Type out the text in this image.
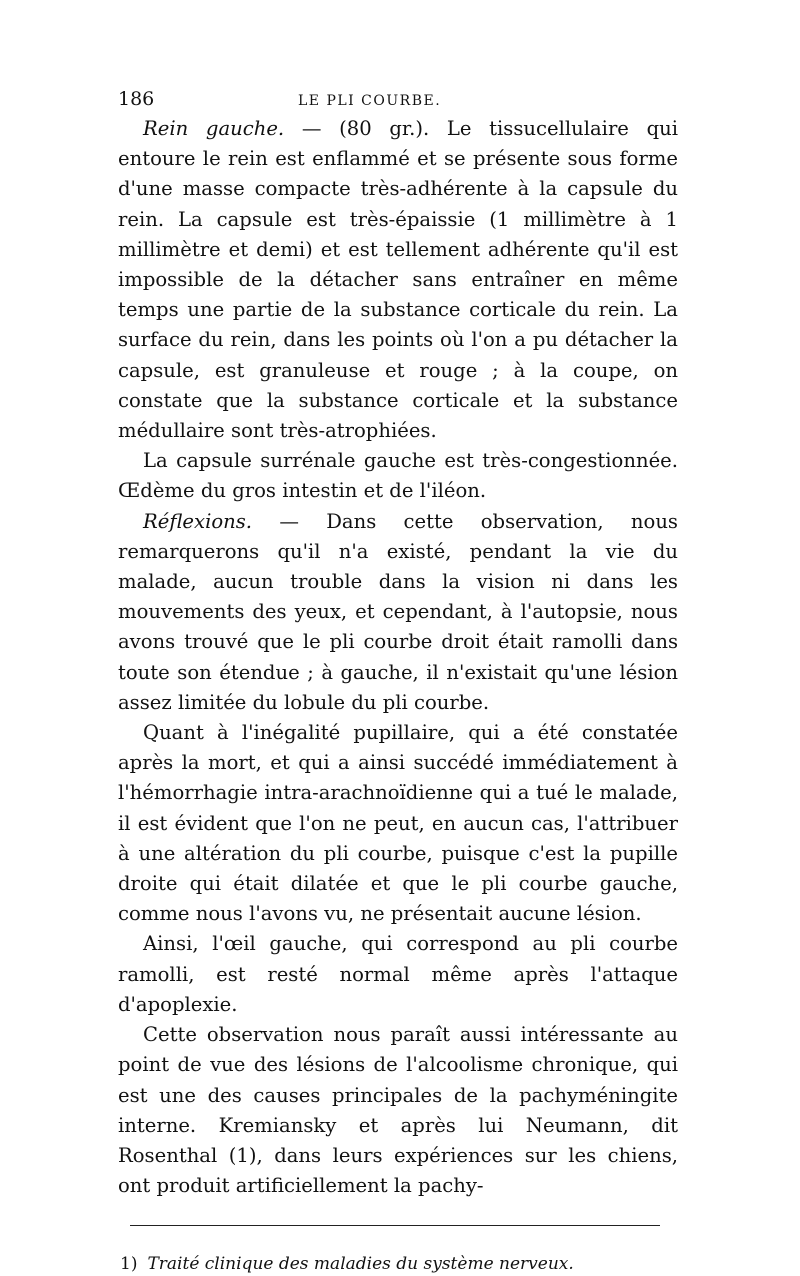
186	LE PLI COURBE.

Rein gauche. — (80 gr.). Le tissucellulaire qui entoure le rein est enflammé et se présente sous forme d'une masse compacte très-adhérente à la capsule du rein. La capsule est très-épaissie (1 millimètre à 1 millimètre et demi) et est tellement adhérente qu'il est impossible de la détacher sans entraîner en même temps une partie de la substance corticale du rein. La surface du rein, dans les points où l'on a pu détacher la capsule, est granuleuse et rouge ; à la coupe, on constate que la substance corticale et la substance médullaire sont très-atrophiées.

La capsule surrénale gauche est très-congestionnée. Œdème du gros intestin et de l'iléon.

Réflexions. — Dans cette observation, nous remarquerons qu'il n'a existé, pendant la vie du malade, aucun trouble dans la vision ni dans les mouvements des yeux, et cependant, à l'autopsie, nous avons trouvé que le pli courbe droit était ramolli dans toute son étendue ; à gauche, il n'existait qu'une lésion assez limitée du lobule du pli courbe.

Quant à l'inégalité pupillaire, qui a été constatée après la mort, et qui a ainsi succédé immédiatement à l'hémorrhagie intra-arachnoïdienne qui a tué le malade, il est évident que l'on ne peut, en aucun cas, l'attribuer à une altération du pli courbe, puisque c'est la pupille droite qui était dilatée et que le pli courbe gauche, comme nous l'avons vu, ne présentait aucune lésion.

Ainsi, l'œil gauche, qui correspond au pli courbe ramolli, est resté normal même après l'attaque d'apoplexie.

Cette observation nous paraît aussi intéressante au point de vue des lésions de l'alcoolisme chronique, qui est une des causes principales de la pachyméningite interne. Kremiansky et après lui Neumann, dit Rosenthal (1), dans leurs expériences sur les chiens, ont produit artificiellement la pachy-

1) Traité clinique des maladies du système nerveux.
